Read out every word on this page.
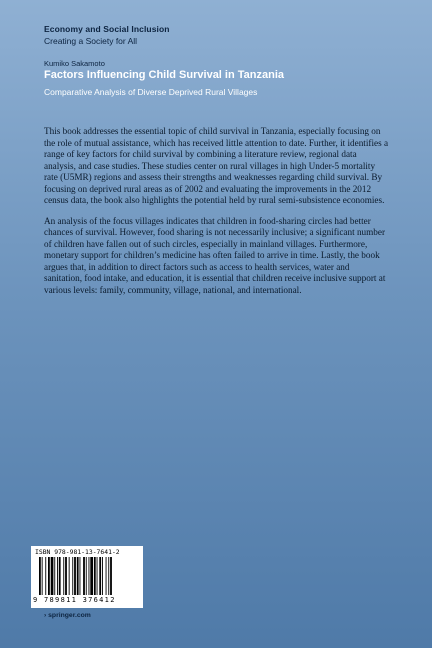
Economy and Social Inclusion
Creating a Society for All
Kumiko Sakamoto
Factors Influencing Child Survival in Tanzania
Comparative Analysis of Diverse Deprived Rural Villages

This book addresses the essential topic of child survival in Tanzania, especially focusing on the role of mutual assistance, which has received little attention to date. Further, it identifies a range of key factors for child survival by combining a literature review, regional data analysis, and case studies. These studies center on rural villages in high Under-5 mortality rate (U5MR) regions and assess their strengths and weaknesses regarding child survival. By focusing on deprived rural areas as of 2002 and evaluating the improvements in the 2012 census data, the book also highlights the potential held by rural semi-subsistence economies.

An analysis of the focus villages indicates that children in food-sharing circles had better chances of survival. However, food sharing is not necessarily inclusive; a significant number of children have fallen out of such circles, especially in mainland villages. Furthermore, monetary support for children’s medicine has often failed to arrive in time. Lastly, the book argues that, in addition to direct factors such as access to health services, water and sanitation, food intake, and education, it is essential that children receive inclusive support at various levels: family, community, village, national, and international.

ISBN 978-981-13-7641-2
9 789811 376412
› springer.com
